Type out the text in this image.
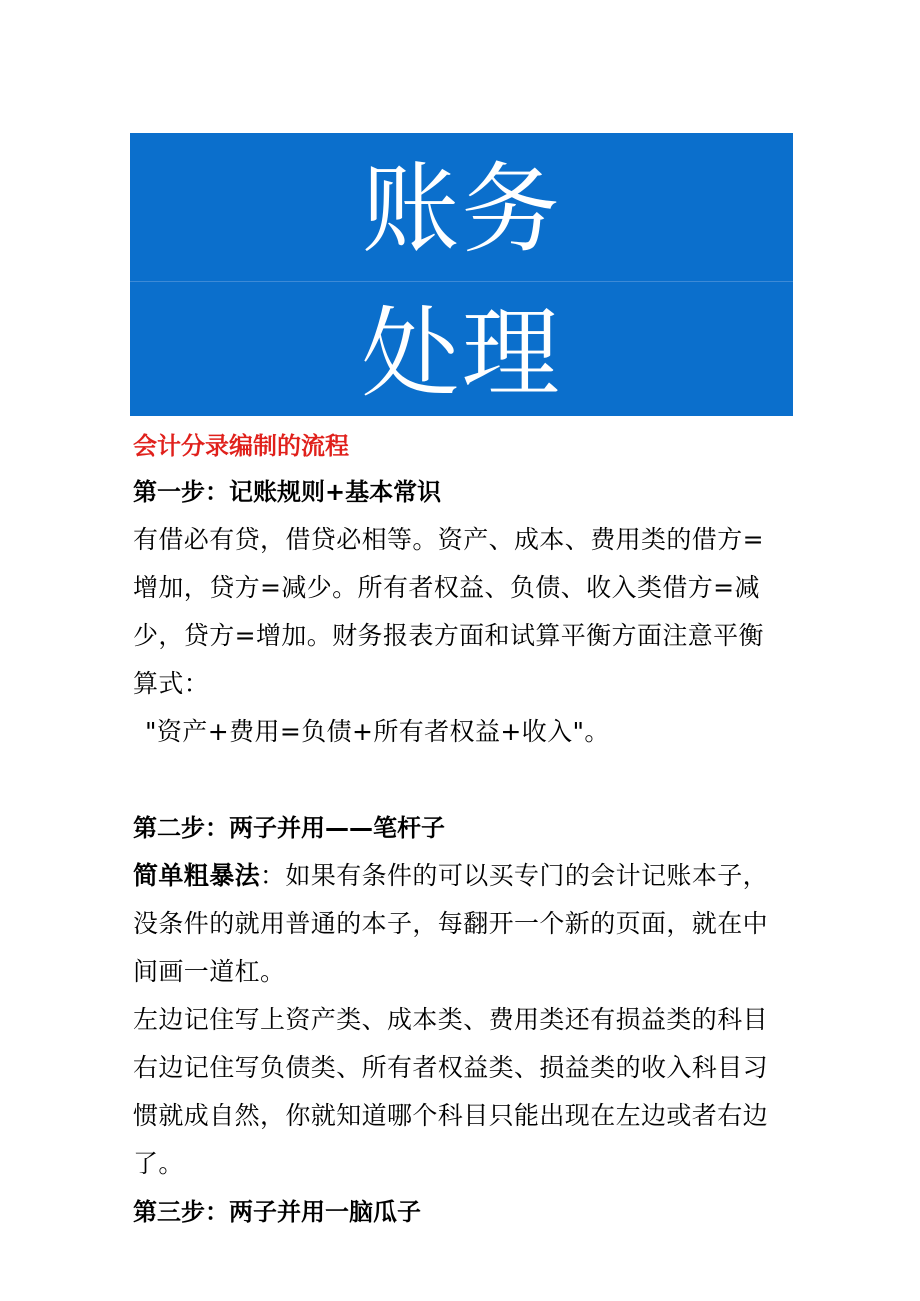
账务
处理

会计分录编制的流程

第一步：记账规则+基本常识

有借必有贷，借贷必相等。资产、成本、费用类的借方=增加，贷方=减少。所有者权益、负债、收入类借方=减少，贷方=增加。财务报表方面和试算平衡方面注意平衡算式：

"资产+费用=负债+所有者权益+收入"。

第二步：两子并用——笔杆子

简单粗暴法：如果有条件的可以买专门的会计记账本子，没条件的就用普通的本子，每翻开一个新的页面，就在中间画一道杠。

左边记住写上资产类、成本类、费用类还有损益类的科目右边记住写负债类、所有者权益类、损益类的收入科目习惯就成自然，你就知道哪个科目只能出现在左边或者右边了。

第三步：两子并用一脑瓜子
